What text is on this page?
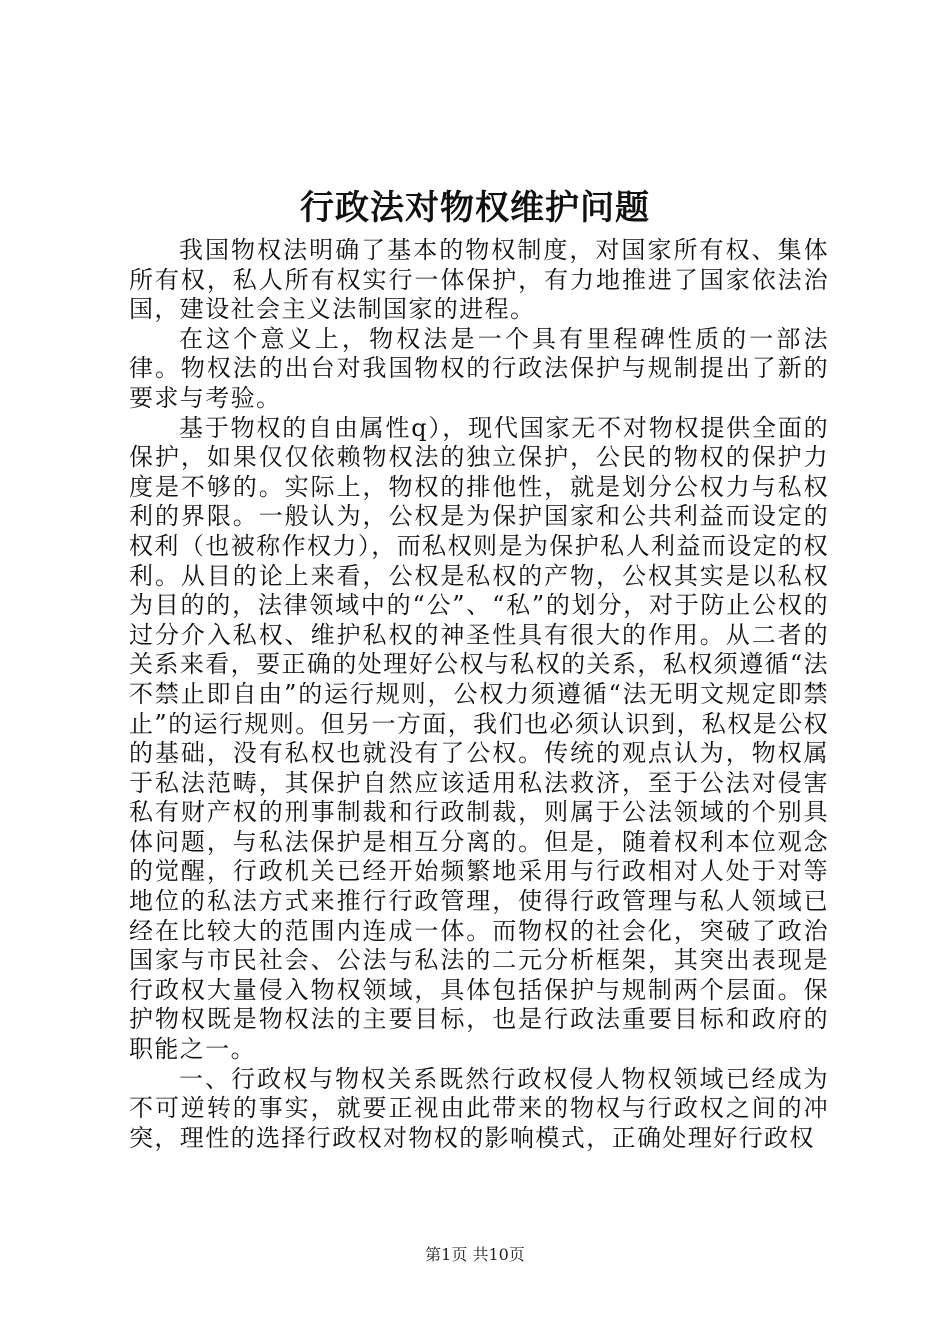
行政法对物权维护问题

我国物权法明确了基本的物权制度，对国家所有权、集体所有权，私人所有权实行一体保护，有力地推进了国家依法治国，建设社会主义法制国家的进程。

在这个意义上，物权法是一个具有里程碑性质的一部法律。物权法的出台对我国物权的行政法保护与规制提出了新的要求与考验。

基于物权的自由属性q），现代国家无不对物权提供全面的保护，如果仅仅依赖物权法的独立保护，公民的物权的保护力度是不够的。实际上，物权的排他性，就是划分公权力与私权利的界限。一般认为，公权是为保护国家和公共利益而设定的权利（也被称作权力），而私权则是为保护私人利益而设定的权利。从目的论上来看，公权是私权的产物，公权其实是以私权为目的的，法律领域中的“公”、“私”的划分，对于防止公权的过分介入私权、维护私权的神圣性具有很大的作用。从二者的关系来看，要正确的处理好公权与私权的关系，私权须遵循“法不禁止即自由”的运行规则，公权力须遵循“法无明文规定即禁止”的运行规则。但另一方面，我们也必须认识到，私权是公权的基础，没有私权也就没有了公权。传统的观点认为，物权属于私法范畴，其保护自然应该适用私法救济，至于公法对侵害私有财产权的刑事制裁和行政制裁，则属于公法领域的个别具体问题，与私法保护是相互分离的。但是，随着权利本位观念的觉醒，行政机关已经开始频繁地采用与行政相对人处于对等地位的私法方式来推行行政管理，使得行政管理与私人领域已经在比较大的范围内连成一体。而物权的社会化，突破了政治国家与市民社会、公法与私法的二元分析框架，其突出表现是行政权大量侵入物权领域，具体包括保护与规制两个层面。保护物权既是物权法的主要目标，也是行政法重要目标和政府的职能之一。

一、行政权与物权关系既然行政权侵人物权领域已经成为不可逆转的事实，就要正视由此带来的物权与行政权之间的冲突，理性的选择行政权对物权的影响模式，正确处理好行政权

第1页 共10页
